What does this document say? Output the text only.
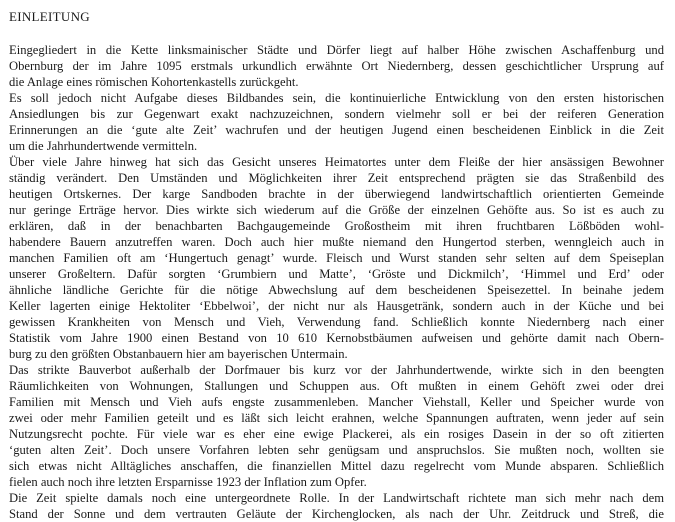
EINLEITUNG
Eingegliedert in die Kette linksmainischer Städte und Dörfer liegt auf halber Höhe zwischen Aschaffenburg und
Obernburg der im Jahre 1095 erstmals urkundlich erwähnte Ort Niedernberg, dessen geschichtlicher Ursprung auf
die Anlage eines römischen Kohortenkastells zurückgeht.
Es soll jedoch nicht Aufgabe dieses Bildbandes sein, die kontinuierliche Entwicklung von den ersten historischen
Ansiedlungen bis zur Gegenwart exakt nachzuzeichnen, sondern vielmehr soll er bei der reiferen Generation
Erinnerungen an die ‘gute alte Zeit’ wachrufen und der heutigen Jugend einen bescheidenen Einblick in die Zeit
um die Jahrhundertwende vermitteln.
Über viele Jahre hinweg hat sich das Gesicht unseres Heimatortes unter dem Fleiße der hier ansässigen Bewohner
ständig verändert. Den Umständen und Möglichkeiten ihrer Zeit entsprechend prägten sie das Straßenbild des
heutigen Ortskernes. Der karge Sandboden brachte in der überwiegend landwirtschaftlich orientierten Gemeinde
nur geringe Erträge hervor. Dies wirkte sich wiederum auf die Größe der einzelnen Gehöfte aus. So ist es auch zu
erklären, daß in der benachbarten Bachgaugemeinde Großostheim mit ihren fruchtbaren Lößböden wohl-
habendere Bauern anzutreffen waren. Doch auch hier mußte niemand den Hungertod sterben, wenngleich auch in
manchen Familien oft am ‘Hungertuch genagt’ wurde. Fleisch und Wurst standen sehr selten auf dem Speiseplan
unserer Großeltern. Dafür sorgten ‘Grumbiern und Matte’, ‘Gröste und Dickmilch’, ‘Himmel und Erd’ oder
ähnliche ländliche Gerichte für die nötige Abwechslung auf dem bescheidenen Speisezettel. In beinahe jedem
Keller lagerten einige Hektoliter ‘Ebbelwoi’, der nicht nur als Hausgetränk, sondern auch in der Küche und bei
gewissen Krankheiten von Mensch und Vieh, Verwendung fand. Schließlich konnte Niedernberg nach einer
Statistik vom Jahre 1900 einen Bestand von 10 610 Kernobstbäumen aufweisen und gehörte damit nach Obern-
burg zu den größten Obstanbauern hier am bayerischen Untermain.
Das strikte Bauverbot außerhalb der Dorfmauer bis kurz vor der Jahrhundertwende, wirkte sich in den beengten
Räumlichkeiten von Wohnungen, Stallungen und Schuppen aus. Oft mußten in einem Gehöft zwei oder drei
Familien mit Mensch und Vieh aufs engste zusammenleben. Mancher Viehstall, Keller und Speicher wurde von
zwei oder mehr Familien geteilt und es läßt sich leicht erahnen, welche Spannungen auftraten, wenn jeder auf sein
Nutzungsrecht pochte. Für viele war es eher eine ewige Plackerei, als ein rosiges Dasein in der so oft zitierten
‘guten alten Zeit’. Doch unsere Vorfahren lebten sehr genügsam und anspruchslos. Sie mußten noch, wollten sie
sich etwas nicht Alltägliches anschaffen, die finanziellen Mittel dazu regelrecht vom Munde absparen. Schließlich
fielen auch noch ihre letzten Ersparnisse 1923 der Inflation zum Opfer.
Die Zeit spielte damals noch eine untergeordnete Rolle. In der Landwirtschaft richtete man sich mehr nach dem
Stand der Sonne und dem vertrauten Geläute der Kirchenglocken, als nach der Uhr. Zeitdruck und Streß, die
